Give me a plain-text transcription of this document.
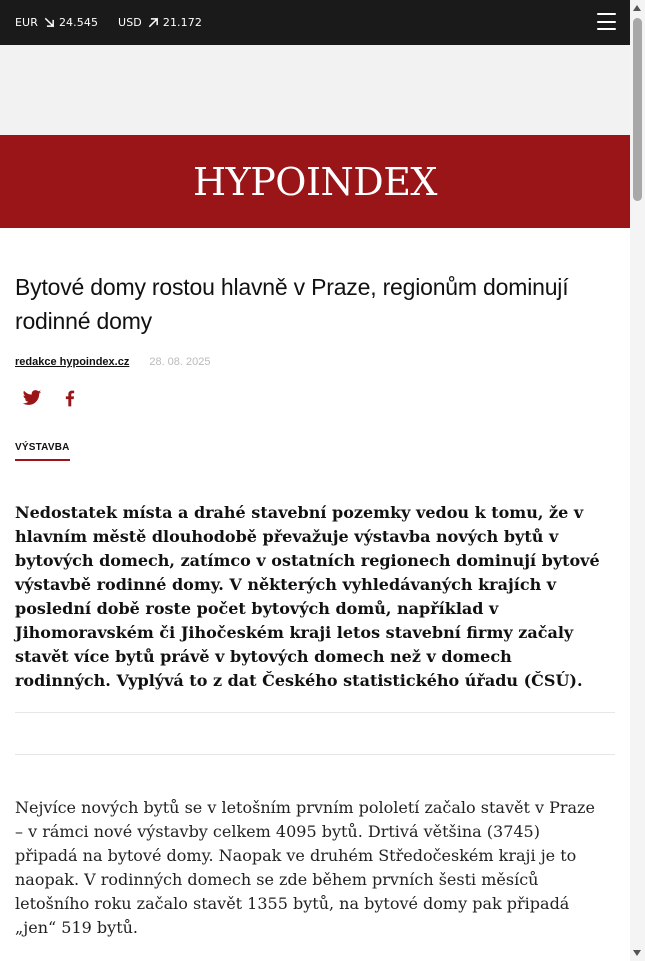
EUR 24.545 USD 21.172
HYPOINDEX
Bytové domy rostou hlavně v Praze, regionům dominují rodinné domy
redakce hypoindex.cz 28. 08. 2025
VÝSTAVBA

Nedostatek místa a drahé stavební pozemky vedou k tomu, že v hlavním městě dlouhodobě převažuje výstavba nových bytů v bytových domech, zatímco v ostatních regionech dominují bytové výstavbě rodinné domy. V některých vyhledávaných krajích v poslední době roste počet bytových domů, například v Jihomoravském či Jihočeském kraji letos stavební firmy začaly stavět více bytů právě v bytových domech než v domech rodinných. Vyplývá to z dat Českého statistického úřadu (ČSÚ).

Nejvíce nových bytů se v letošním prvním pololetí začalo stavět v Praze – v rámci nové výstavby celkem 4095 bytů. Drtivá většina (3745) připadá na bytové domy. Naopak ve druhém Středočeském kraji je to naopak. V rodinných domech se zde během prvních šesti měsíců letošního roku začalo stavět 1355 bytů, na bytové domy pak připadá „jen“ 519 bytů.
